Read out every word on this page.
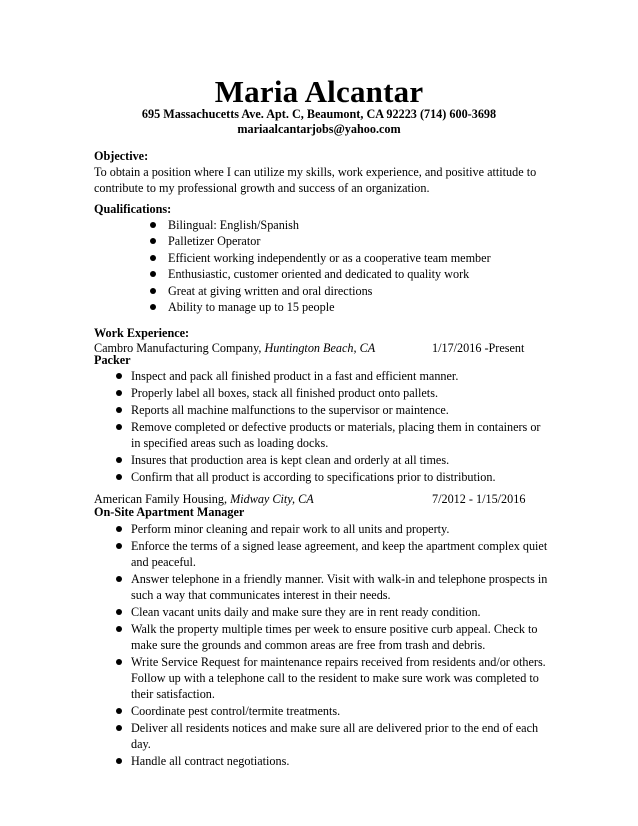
Maria Alcantar
695 Massachucetts Ave. Apt. C, Beaumont, CA 92223 (714) 600-3698
mariaalcantarjobs@yahoo.com
Objective:
To obtain a position where I can utilize my skills, work experience, and positive attitude to
contribute to my professional growth and success of an organization.
Qualifications:
Bilingual: English/Spanish
Palletizer Operator
Efficient working independently or as a cooperative team member
Enthusiastic, customer oriented and dedicated to quality work
Great at giving written and oral directions
Ability to manage up to 15 people
Work Experience:
Cambro Manufacturing Company, Huntington Beach, CA	1/17/2016 -Present
Packer
Inspect and pack all finished product in a fast and efficient manner.
Properly label all boxes, stack all finished product onto pallets.
Reports all machine malfunctions to the supervisor or maintence.
Remove completed or defective products or materials, placing them in containers or in specified areas such as loading docks.
Insures that production area is kept clean and orderly at all times.
Confirm that all product is according to specifications prior to distribution.
American Family Housing, Midway City, CA	7/2012 - 1/15/2016
On-Site Apartment Manager
Perform minor cleaning and repair work to all units and property.
Enforce the terms of a signed lease agreement, and keep the apartment complex quiet and peaceful.
Answer telephone in a friendly manner. Visit with walk-in and telephone prospects in such a way that communicates interest in their needs.
Clean vacant units daily and make sure they are in rent ready condition.
Walk the property multiple times per week to ensure positive curb appeal. Check to make sure the grounds and common areas are free from trash and debris.
Write Service Request for maintenance repairs received from residents and/or others. Follow up with a telephone call to the resident to make sure work was completed to their satisfaction.
Coordinate pest control/termite treatments.
Deliver all residents notices and make sure all are delivered prior to the end of each day.
Handle all contract negotiations.
